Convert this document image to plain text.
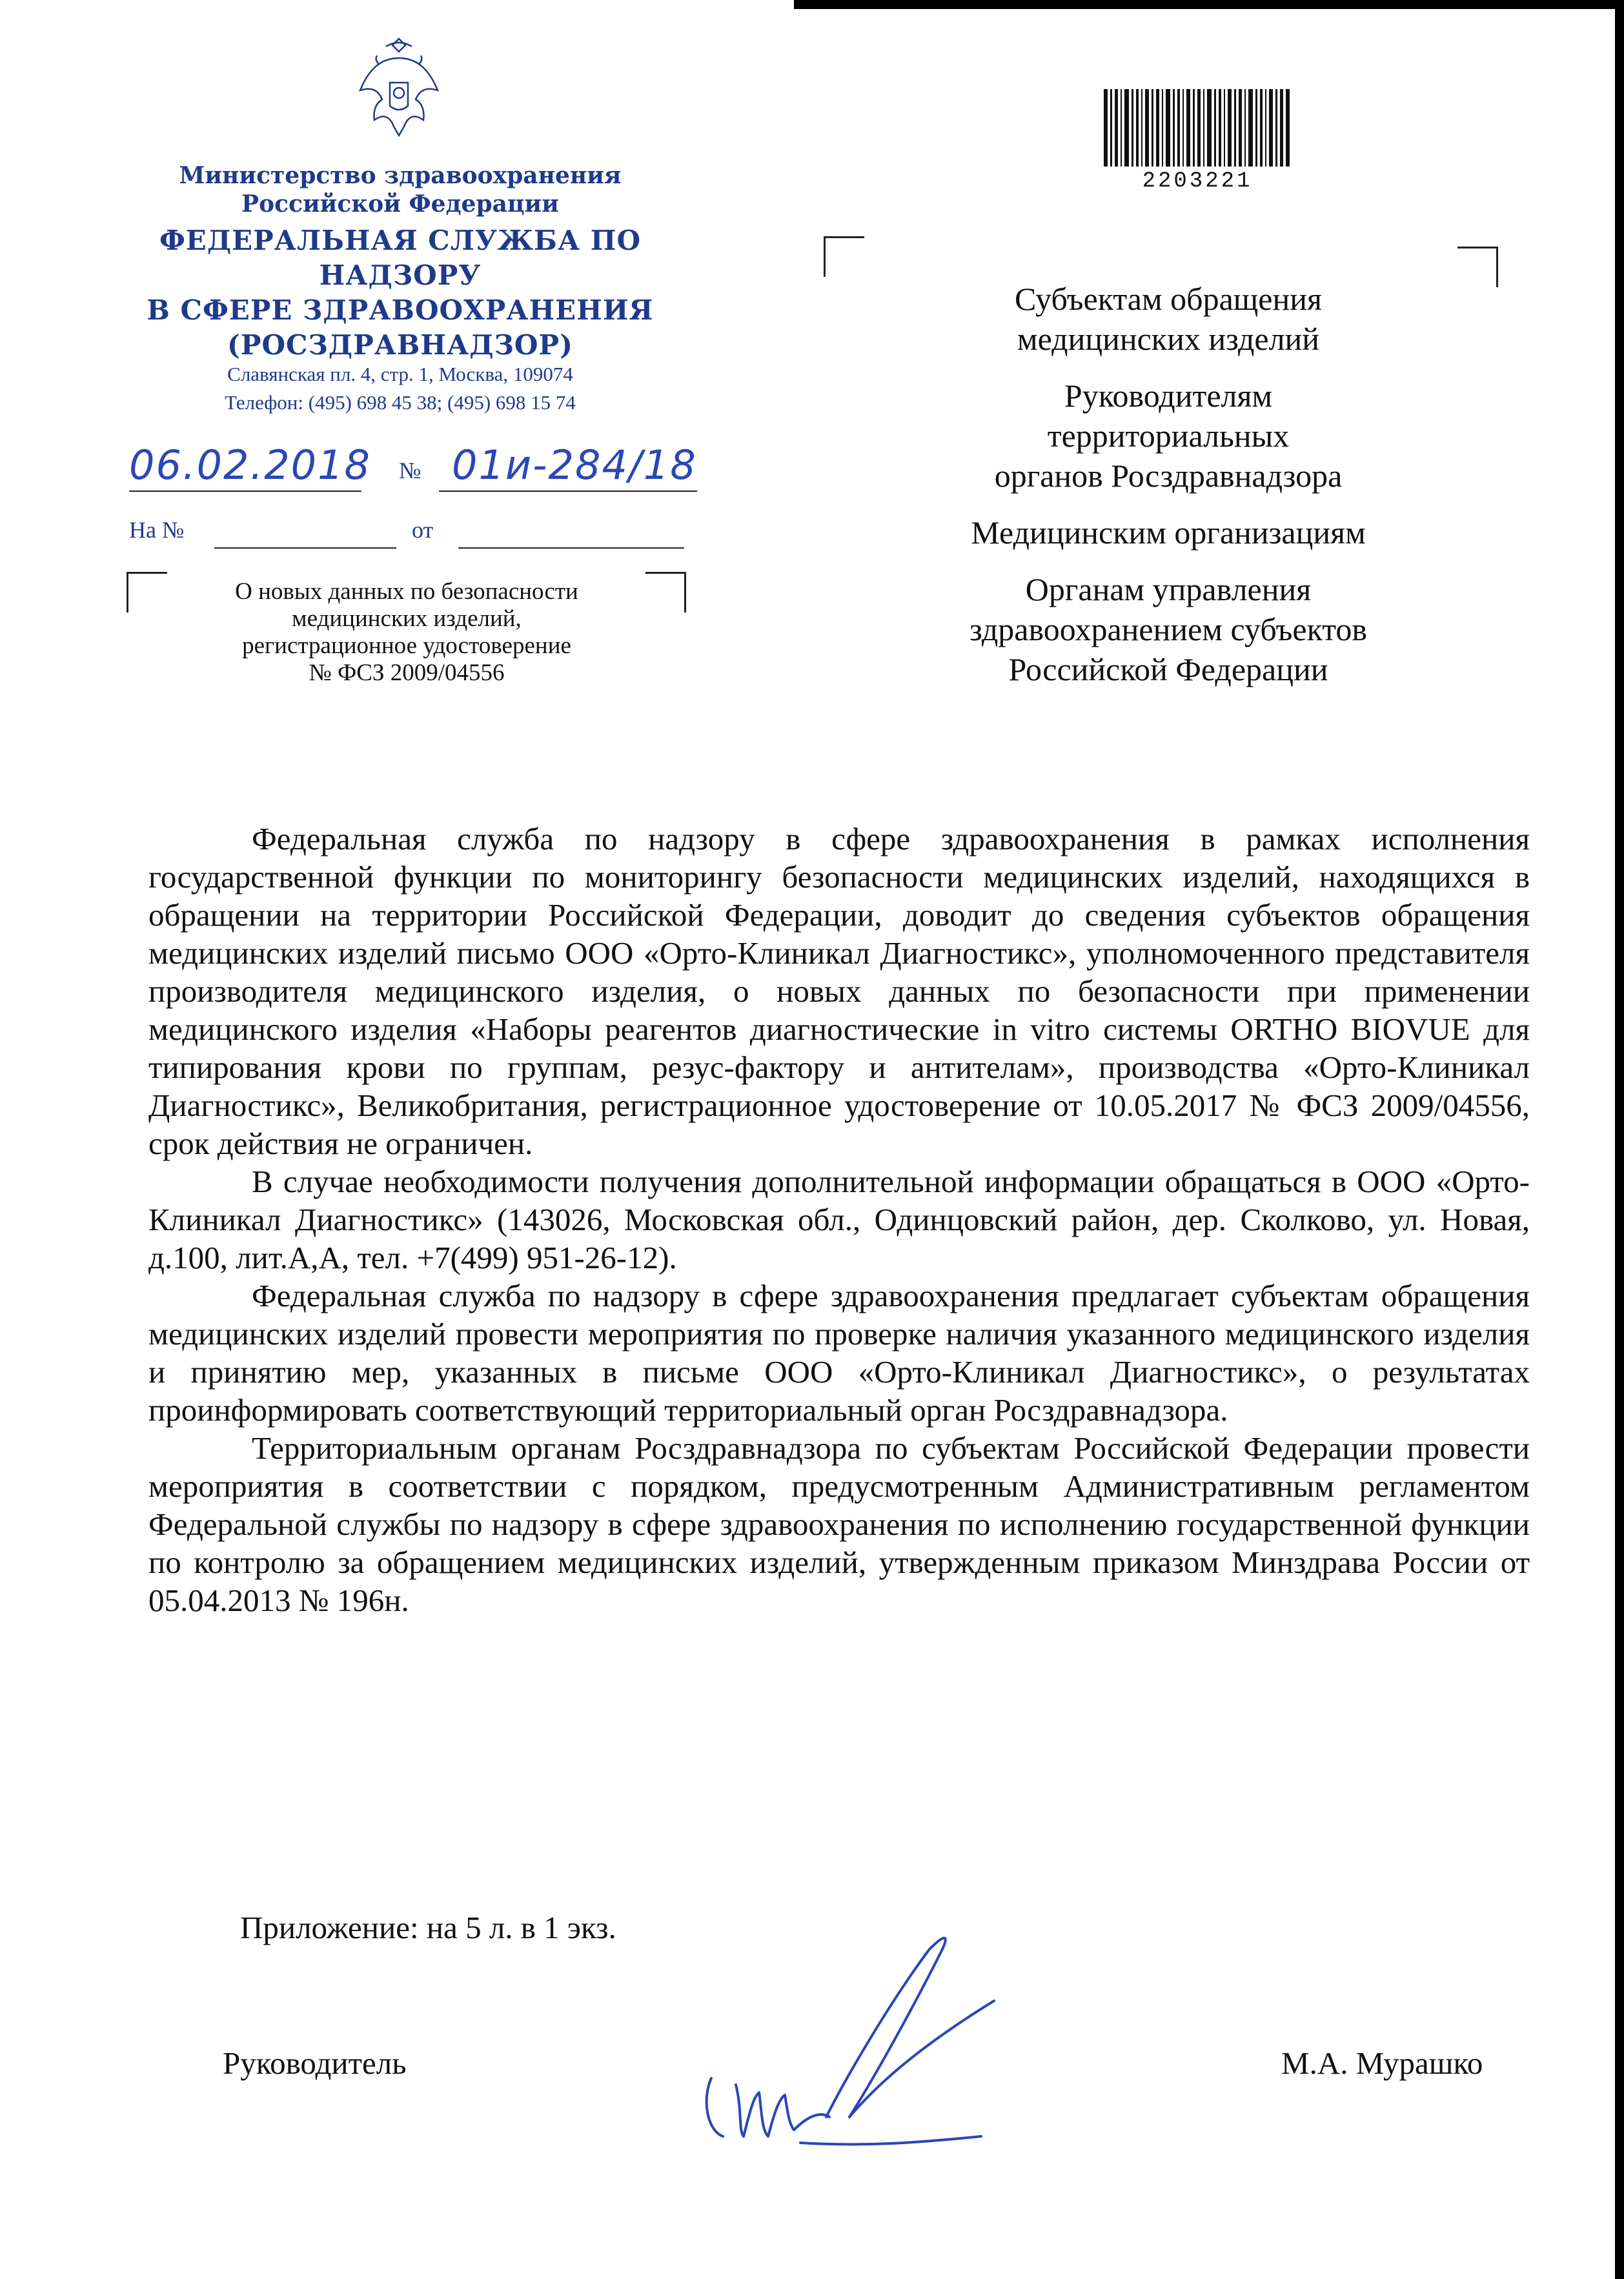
Министерство здравоохранения
Российской Федерации
ФЕДЕРАЛЬНАЯ СЛУЖБА ПО НАДЗОРУ
В СФЕРЕ ЗДРАВООХРАНЕНИЯ
(РОСЗДРАВНАДЗОР)
Славянская пл. 4, стр. 1, Москва, 109074
Телефон: (495) 698 45 38; (495) 698 15 74
06.02.2018 № 01и-284/18
На №	от
О новых данных по безопасности
медицинских изделий,
регистрационное удостоверение
№ ФСЗ 2009/04556
2203221
Субъектам обращения
медицинских изделий
Руководителям
территориальных
органов Росздравнадзора
Медицинским организациям
Органам управления
здравоохранением субъектов
Российской Федерации

Федеральная служба по надзору в сфере здравоохранения в рамках исполнения государственной функции по мониторингу безопасности медицинских изделий, находящихся в обращении на территории Российской Федерации, доводит до сведения субъектов обращения медицинских изделий письмо ООО «Орто-Клиникал Диагностикс», уполномоченного представителя производителя медицинского изделия, о новых данных по безопасности при применении медицинского изделия «Наборы реагентов диагностические in vitro системы ORTHO BIOVUE для типирования крови по группам, резус-фактору и антителам», производства «Орто-Клиникал Диагностикс», Великобритания, регистрационное удостоверение от 10.05.2017 № ФСЗ 2009/04556, срок действия не ограничен.

В случае необходимости получения дополнительной информации обращаться в ООО «Орто-Клиникал Диагностикс» (143026, Московская обл., Одинцовский район, дер. Сколково, ул. Новая, д.100, лит.А,А, тел. +7(499) 951-26-12).

Федеральная служба по надзору в сфере здравоохранения предлагает субъектам обращения медицинских изделий провести мероприятия по проверке наличия указанного медицинского изделия и принятию мер, указанных в письме ООО «Орто-Клиникал Диагностикс», о результатах проинформировать соответствующий территориальный орган Росздравнадзора.

Территориальным органам Росздравнадзора по субъектам Российской Федерации провести мероприятия в соответствии с порядком, предусмотренным Административным регламентом Федеральной службы по надзору в сфере здравоохранения по исполнению государственной функции по контролю за обращением медицинских изделий, утвержденным приказом Минздрава России от 05.04.2013 № 196н.

Приложение: на 5 л. в 1 экз.
Руководитель	М.А. Мурашко
